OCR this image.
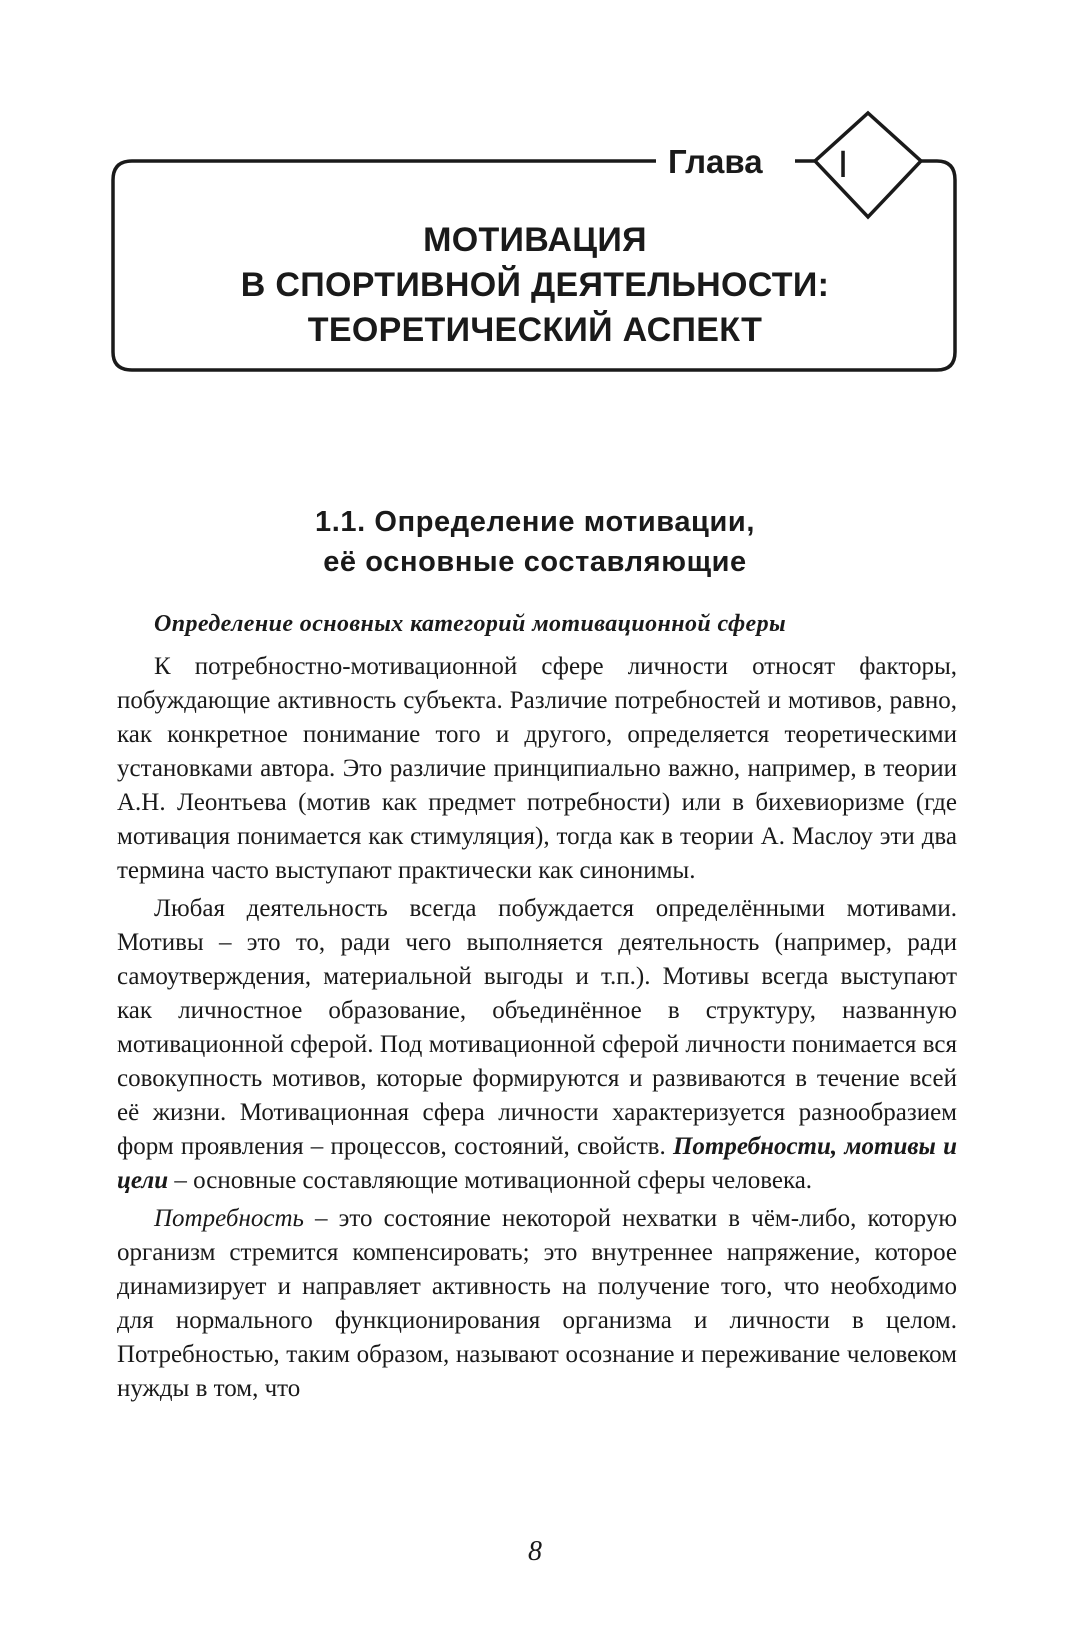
Глава	I
МОТИВАЦИЯ
В СПОРТИВНОЙ ДЕЯТЕЛЬНОСТИ:
ТЕОРЕТИЧЕСКИЙ АСПЕКТ
1.1. Определение мотивации,
её основные составляющие
Определение основных категорий мотивационной сферы

К потребностно-мотивационной сфере личности относят факторы, побуждающие активность субъекта. Различие потребностей и мотивов, равно, как конкретное понимание того и другого, определяется теоретическими установками автора. Это различие принципиально важно, например, в теории А.Н. Леонтьева (мотив как предмет потребности) или в бихевиоризме (где мотивация понимается как стимуляция), тогда как в теории А. Маслоу эти два термина часто выступают практически как синонимы.

Любая деятельность всегда побуждается определёнными мотивами. Мотивы – это то, ради чего выполняется деятельность (например, ради самоутверждения, материальной выгоды и т.п.). Мотивы всегда выступают как личностное образование, объединённое в структуру, названную мотивационной сферой. Под мотивационной сферой личности понимается вся совокупность мотивов, которые формируются и развиваются в течение всей её жизни. Мотивационная сфера личности характеризуется разнообразием форм проявления – процессов, состояний, свойств. Потребности, мотивы и цели – основные составляющие мотивационной сферы человека.

Потребность – это состояние некоторой нехватки в чём-либо, которую организм стремится компенсировать; это внутреннее напряжение, которое динамизирует и направляет активность на получение того, что необходимо для нормального функционирования организма и личности в целом. Потребностью, таким образом, называют осознание и переживание человеком нужды в том, что

8
